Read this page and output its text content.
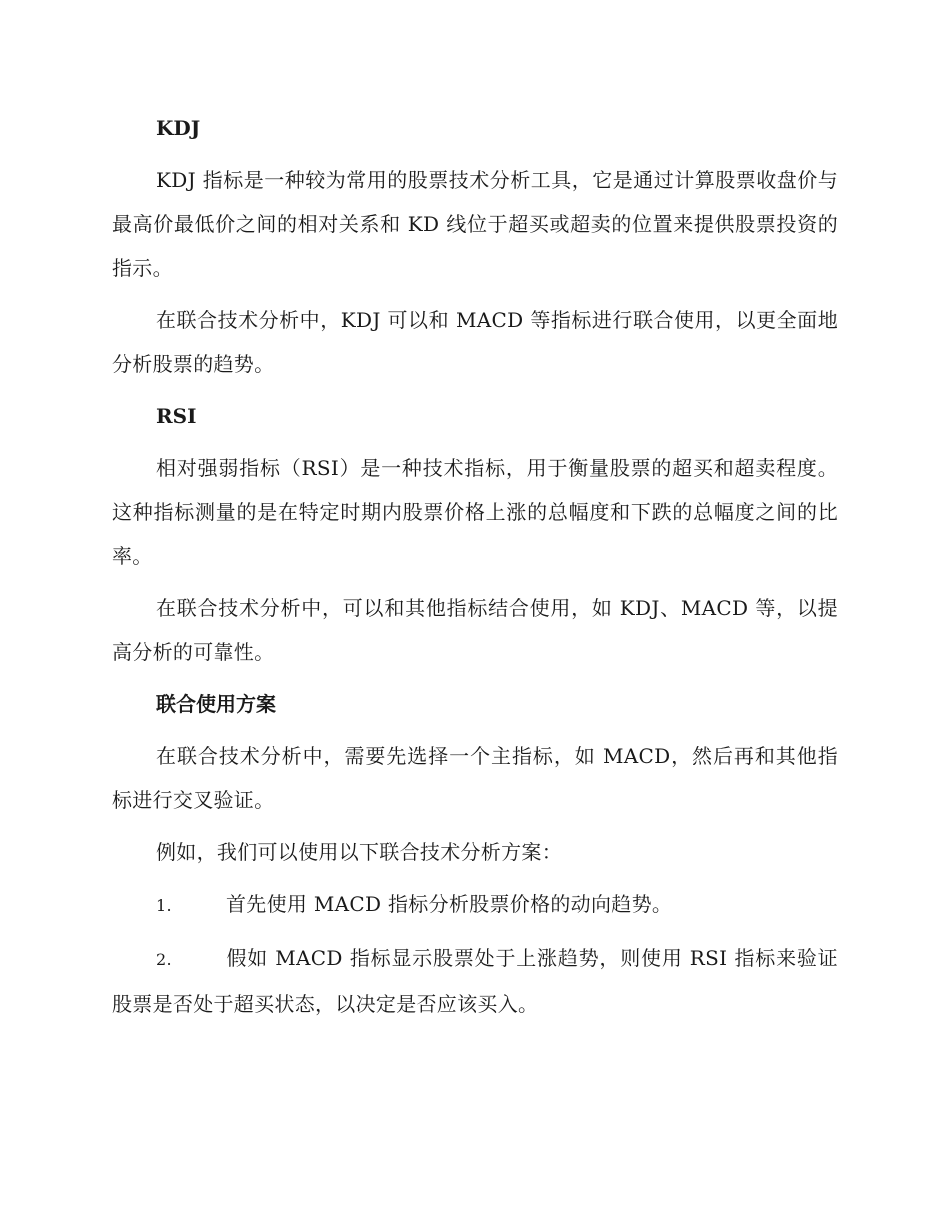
KDJ

KDJ 指标是一种较为常用的股票技术分析工具，它是通过计算股票收盘价与最高价最低价之间的相对关系和 KD 线位于超买或超卖的位置来提供股票投资的指示。

在联合技术分析中，KDJ 可以和 MACD 等指标进行联合使用，以更全面地分析股票的趋势。

RSI

相对强弱指标（RSI）是一种技术指标，用于衡量股票的超买和超卖程度。这种指标测量的是在特定时期内股票价格上涨的总幅度和下跌的总幅度之间的比率。

在联合技术分析中，可以和其他指标结合使用，如 KDJ、MACD 等，以提高分析的可靠性。

联合使用方案

在联合技术分析中，需要先选择一个主指标，如 MACD，然后再和其他指标进行交叉验证。

例如，我们可以使用以下联合技术分析方案：

1.	首先使用 MACD 指标分析股票价格的动向趋势。

2.	假如 MACD 指标显示股票处于上涨趋势，则使用 RSI 指标来验证股票是否处于超买状态，以决定是否应该买入。
